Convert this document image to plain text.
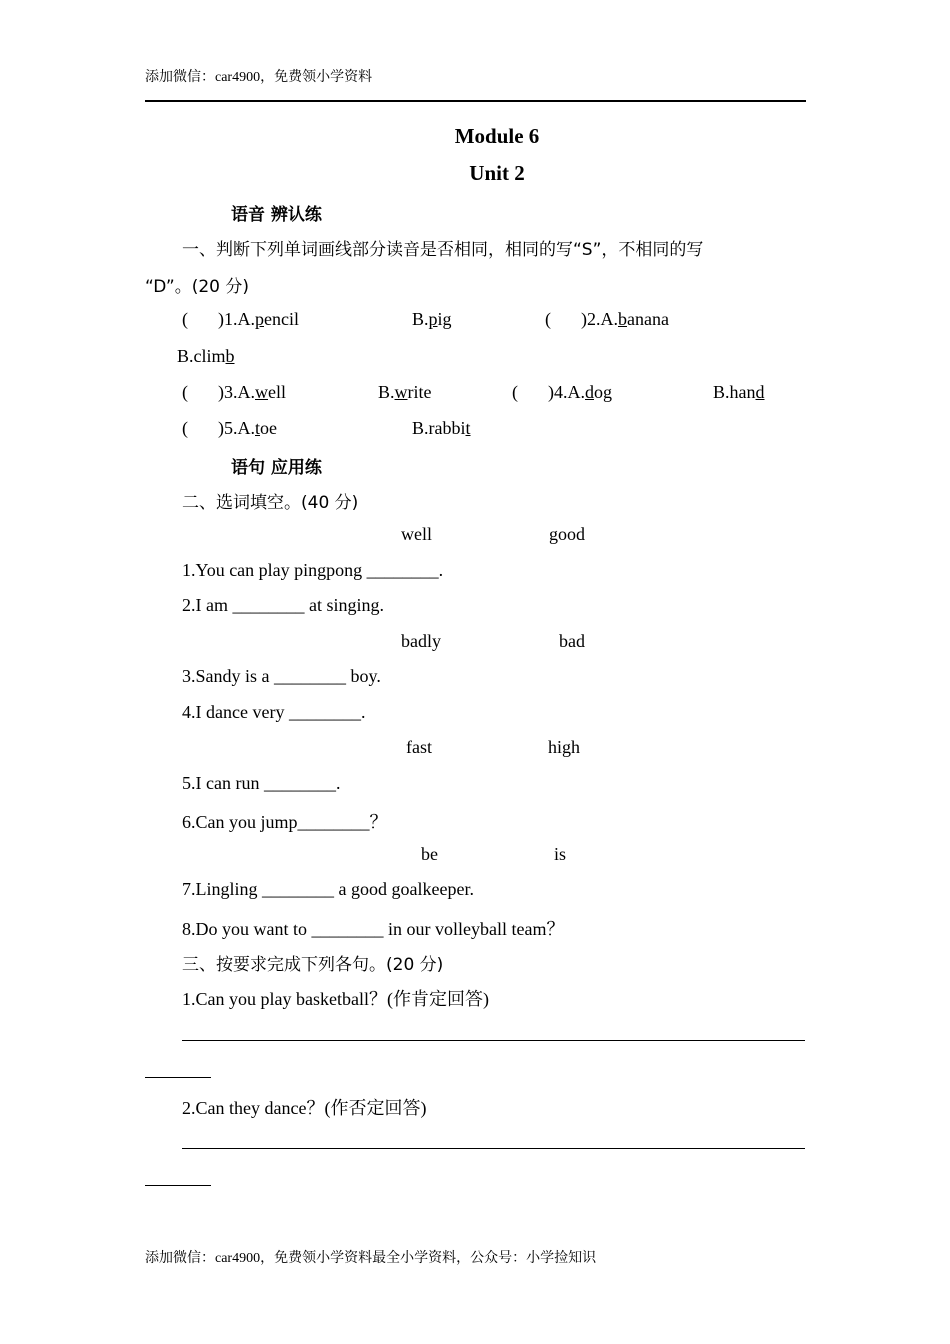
添加微信：car4900，免费领小学资料
Module 6
Unit 2
语音 辨认练
一、判断下列单词画线部分读音是否相同，相同的写“S”，不相同的写
“D”。(20 分)
( )1.A.pencil	B.pig	( )2.A.banana
B.climb
( )3.A.well	B.write	( )4.A.dog	B.hand
( )5.A.toe	B.rabbit
语句 应用练
二、选词填空。(40 分)
well	good
1.You can play pingpong ________.
2.I am ________ at singing.
badly	bad
3.Sandy is a ________ boy.
4.I dance very ________.
fast	high
5.I can run ________.
6.Can you jump________？
be	is
7.Lingling ________ a good goalkeeper.
8.Do you want to ________ in our volleyball team？
三、按要求完成下列各句。(20 分)
1.Can you play basketball？(作肯定回答)
2.Can they dance？(作否定回答)
添加微信：car4900，免费领小学资料最全小学资料，公众号：小学捡知识
